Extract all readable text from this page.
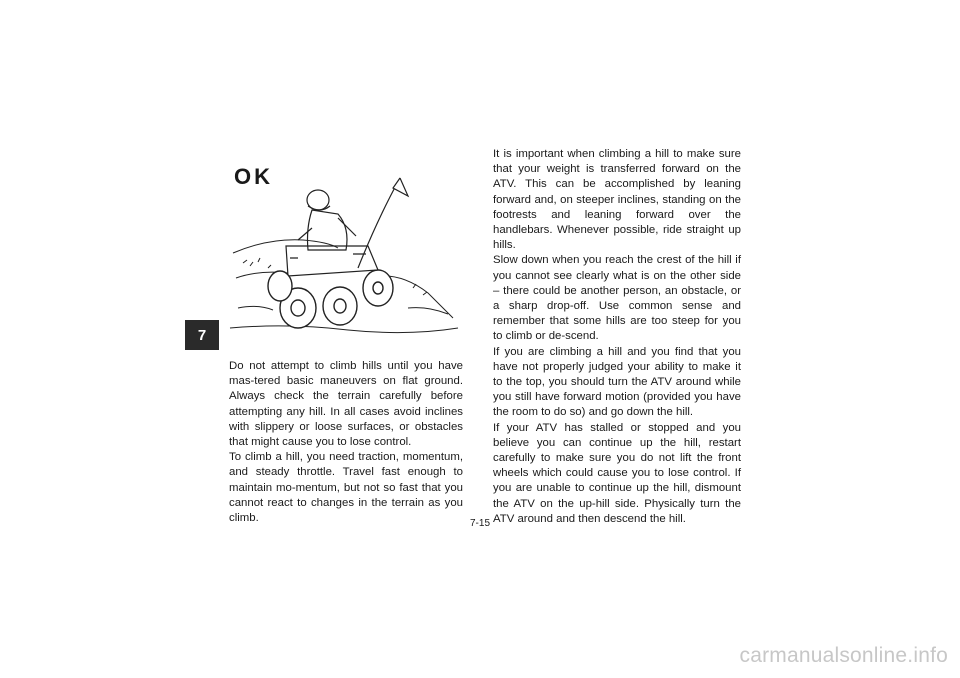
7
OK

Do not attempt to climb hills until you have mas-tered basic maneuvers on flat ground. Always check the terrain carefully before attempting any hill. In all cases avoid inclines with slippery or loose surfaces, or obstacles that might cause you to lose control.

To climb a hill, you need traction, momentum, and steady throttle. Travel fast enough to maintain mo-mentum, but not so fast that you cannot react to changes in the terrain as you climb.

It is important when climbing a hill to make sure that your weight is transferred forward on the ATV. This can be accomplished by leaning forward and, on steeper inclines, standing on the footrests and leaning forward over the handlebars. Whenever possible, ride straight up hills.

Slow down when you reach the crest of the hill if you cannot see clearly what is on the other side – there could be another person, an obstacle, or a sharp drop-off. Use common sense and remember that some hills are too steep for you to climb or de-scend.

If you are climbing a hill and you find that you have not properly judged your ability to make it to the top, you should turn the ATV around while you still have forward motion (provided you have the room to do so) and go down the hill.

If your ATV has stalled or stopped and you believe you can continue up the hill, restart carefully to make sure you do not lift the front wheels which could cause you to lose control. If you are unable to continue up the hill, dismount the ATV on the up-hill side. Physically turn the ATV around and then descend the hill.

7-15
carmanualsonline.info
